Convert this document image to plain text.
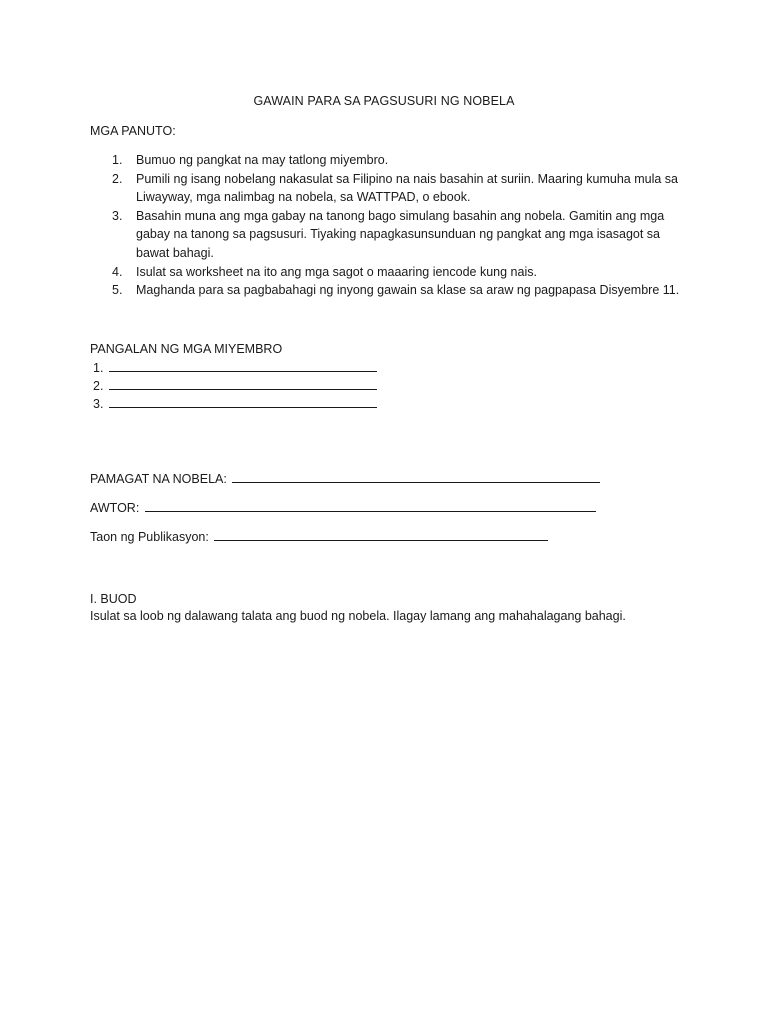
GAWAIN PARA SA PAGSUSURI NG NOBELA
MGA PANUTO:
1. Bumuo ng pangkat na may tatlong miyembro.
2. Pumili ng isang nobelang nakasulat sa Filipino na nais basahin at suriin. Maaring kumuha mula sa
Liwayway, mga nalimbag na nobela, sa WATTPAD, o ebook.
3. Basahin muna ang mga gabay na tanong bago simulang basahin ang nobela. Gamitin ang mga
gabay na tanong sa pagsusuri. Tiyaking napagkasunsunduan ng pangkat ang mga isasagot sa
bawat bahagi.
4. Isulat sa worksheet na ito ang mga sagot o maaaring iencode kung nais.
5. Maghanda para sa pagbabahagi ng inyong gawain sa klase sa araw ng pagpapasa Disyembre 11.
PANGALAN NG MGA MIYEMBRO
1.
2.
3.
PAMAGAT NA NOBELA:
AWTOR:
Taon ng Publikasyon:
I. BUOD
Isulat sa loob ng dalawang talata ang buod ng nobela. Ilagay lamang ang mahahalagang bahagi.
